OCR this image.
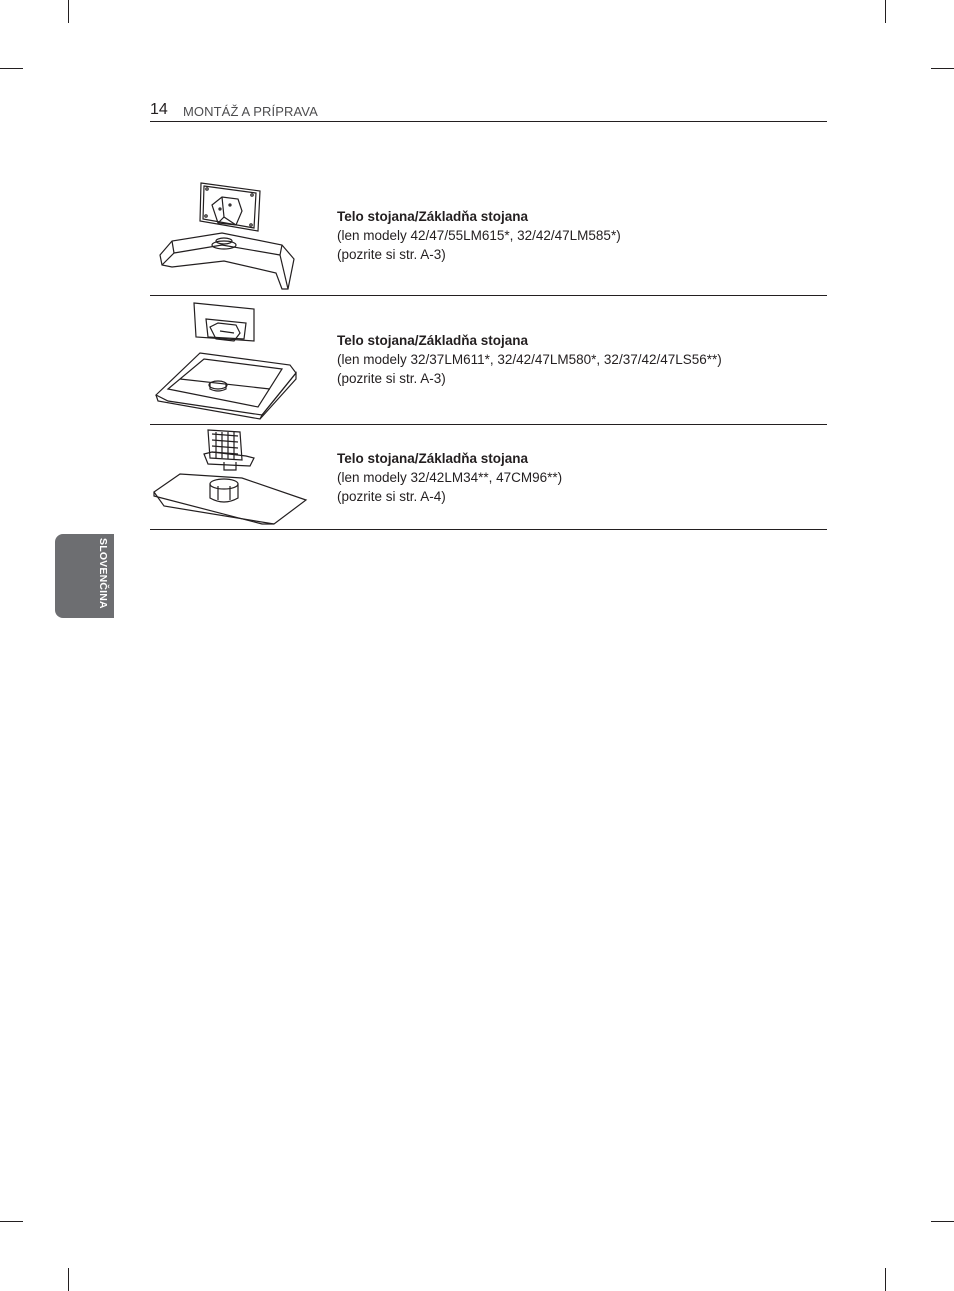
14 MONTÁŽ A PRÍPRAVA
Telo stojana/Základňa stojana
(len modely 42/47/55LM615*, 32/42/47LM585*)
(pozrite si str. A-3)
Telo stojana/Základňa stojana
(len modely 32/37LM611*, 32/42/47LM580*, 32/37/42/47LS56**)
(pozrite si str. A-3)
Telo stojana/Základňa stojana
(len modely 32/42LM34**, 47CM96**)
(pozrite si str. A-4)
SLOVENČINA
